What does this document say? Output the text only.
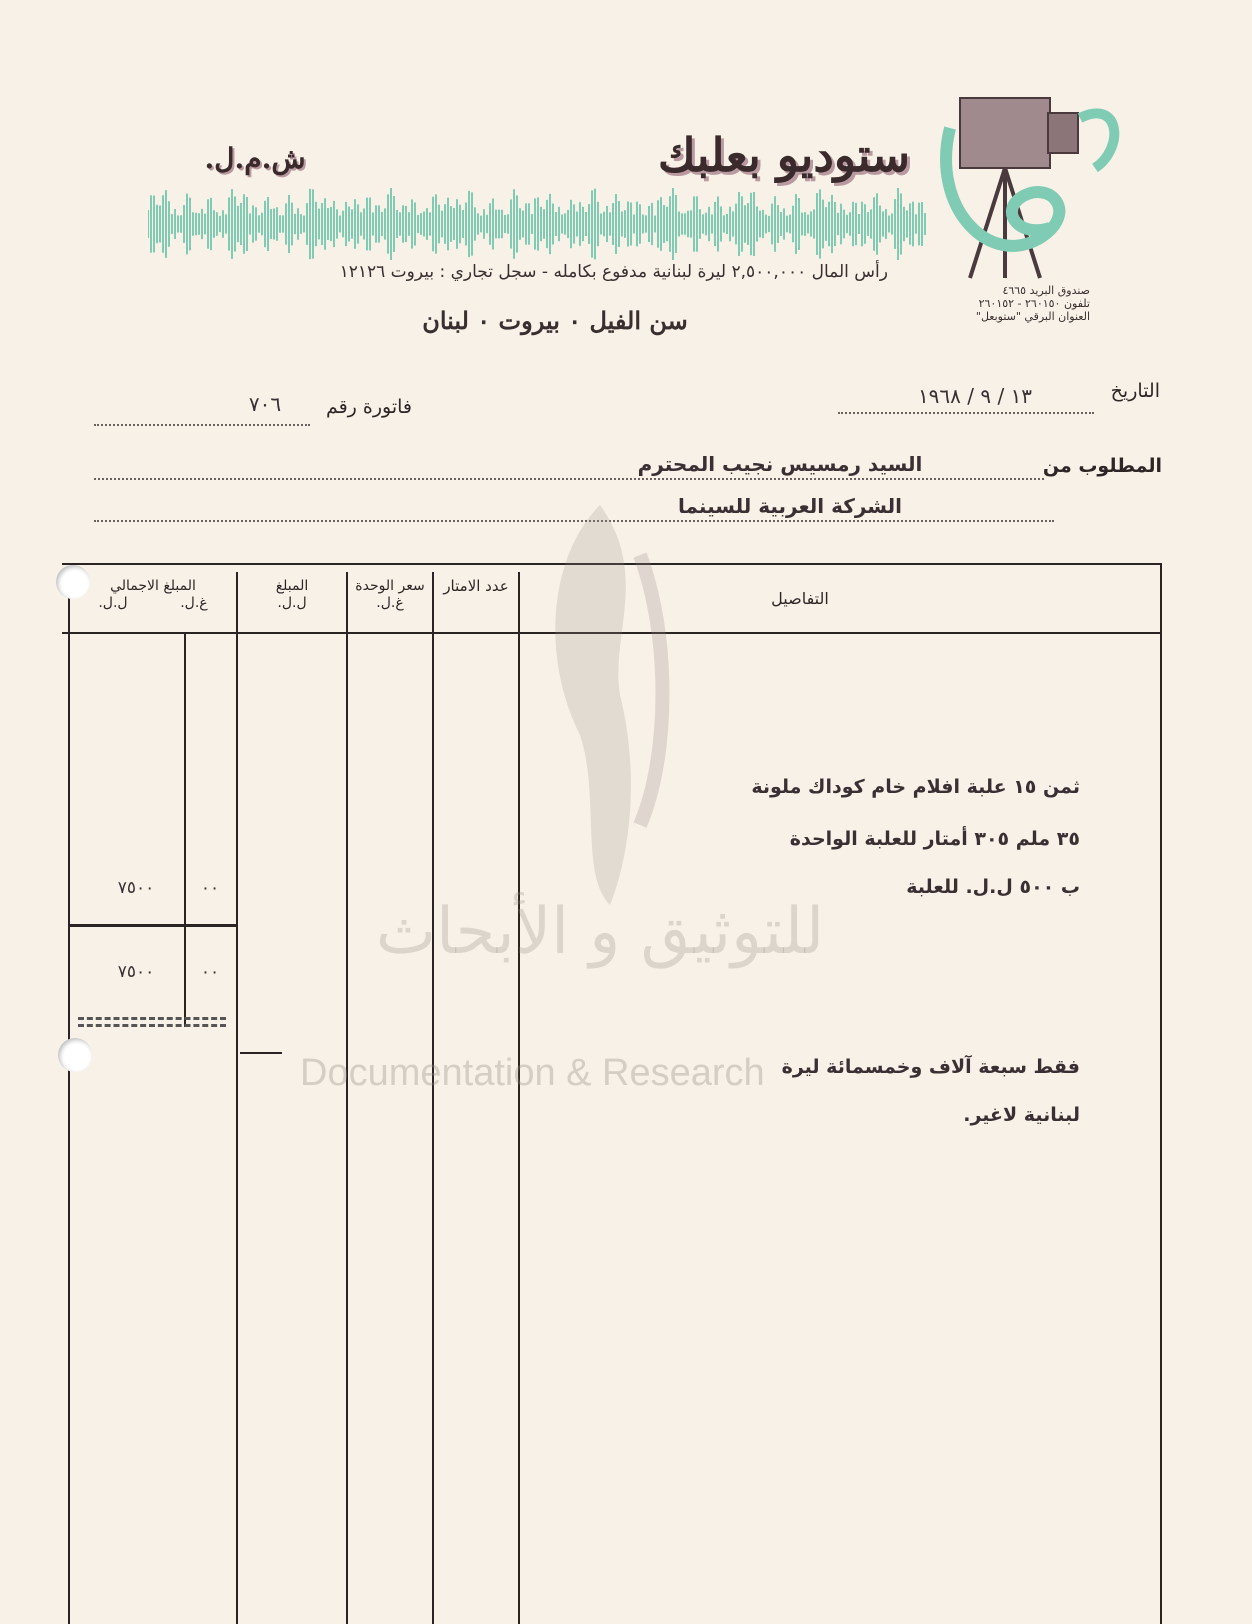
ستوديو بعلبك
ش.م.ل.
رأس المال ٢,٥٠٠,٠٠٠ ليرة لبنانية مدفوع بكامله - سجل تجاري : بيروت ١٢١٢٦
سن الفيل ٠ بيروت ٠ لبنان
صندوق البريد ٤٦٦٥
تلفون ٢٦٠١٥٠ - ٢٦٠١٥٢
العنوان البرقي "ستوبعل"
التاريخ
١٣ / ٩ / ١٩٦٨
فاتورة رقم
٧٠٦
المطلوب من
السيد رمسيس نجيب المحترم
الشركة العربية للسينما
التفاصيل
عدد الامتار
سعر الوحدة
غ.ل.
المبلغ
ل.ل.
المبلغ الاجمالي
غ.ل.
ل.ل.
ثمن ١٥ علبة افلام خام كوداك ملونة
٣٥ ملم ٣٠٥ أمتار للعلبة الواحدة
ب ٥٠٠ ل.ل. للعلبة
٧٥٠٠	٠٠
٧٥٠٠	٠٠
فقط سبعة آلاف وخمسمائة ليرة
لبنانية لاغير.
للتوثيق و الأبحاث
Documentation & Research
